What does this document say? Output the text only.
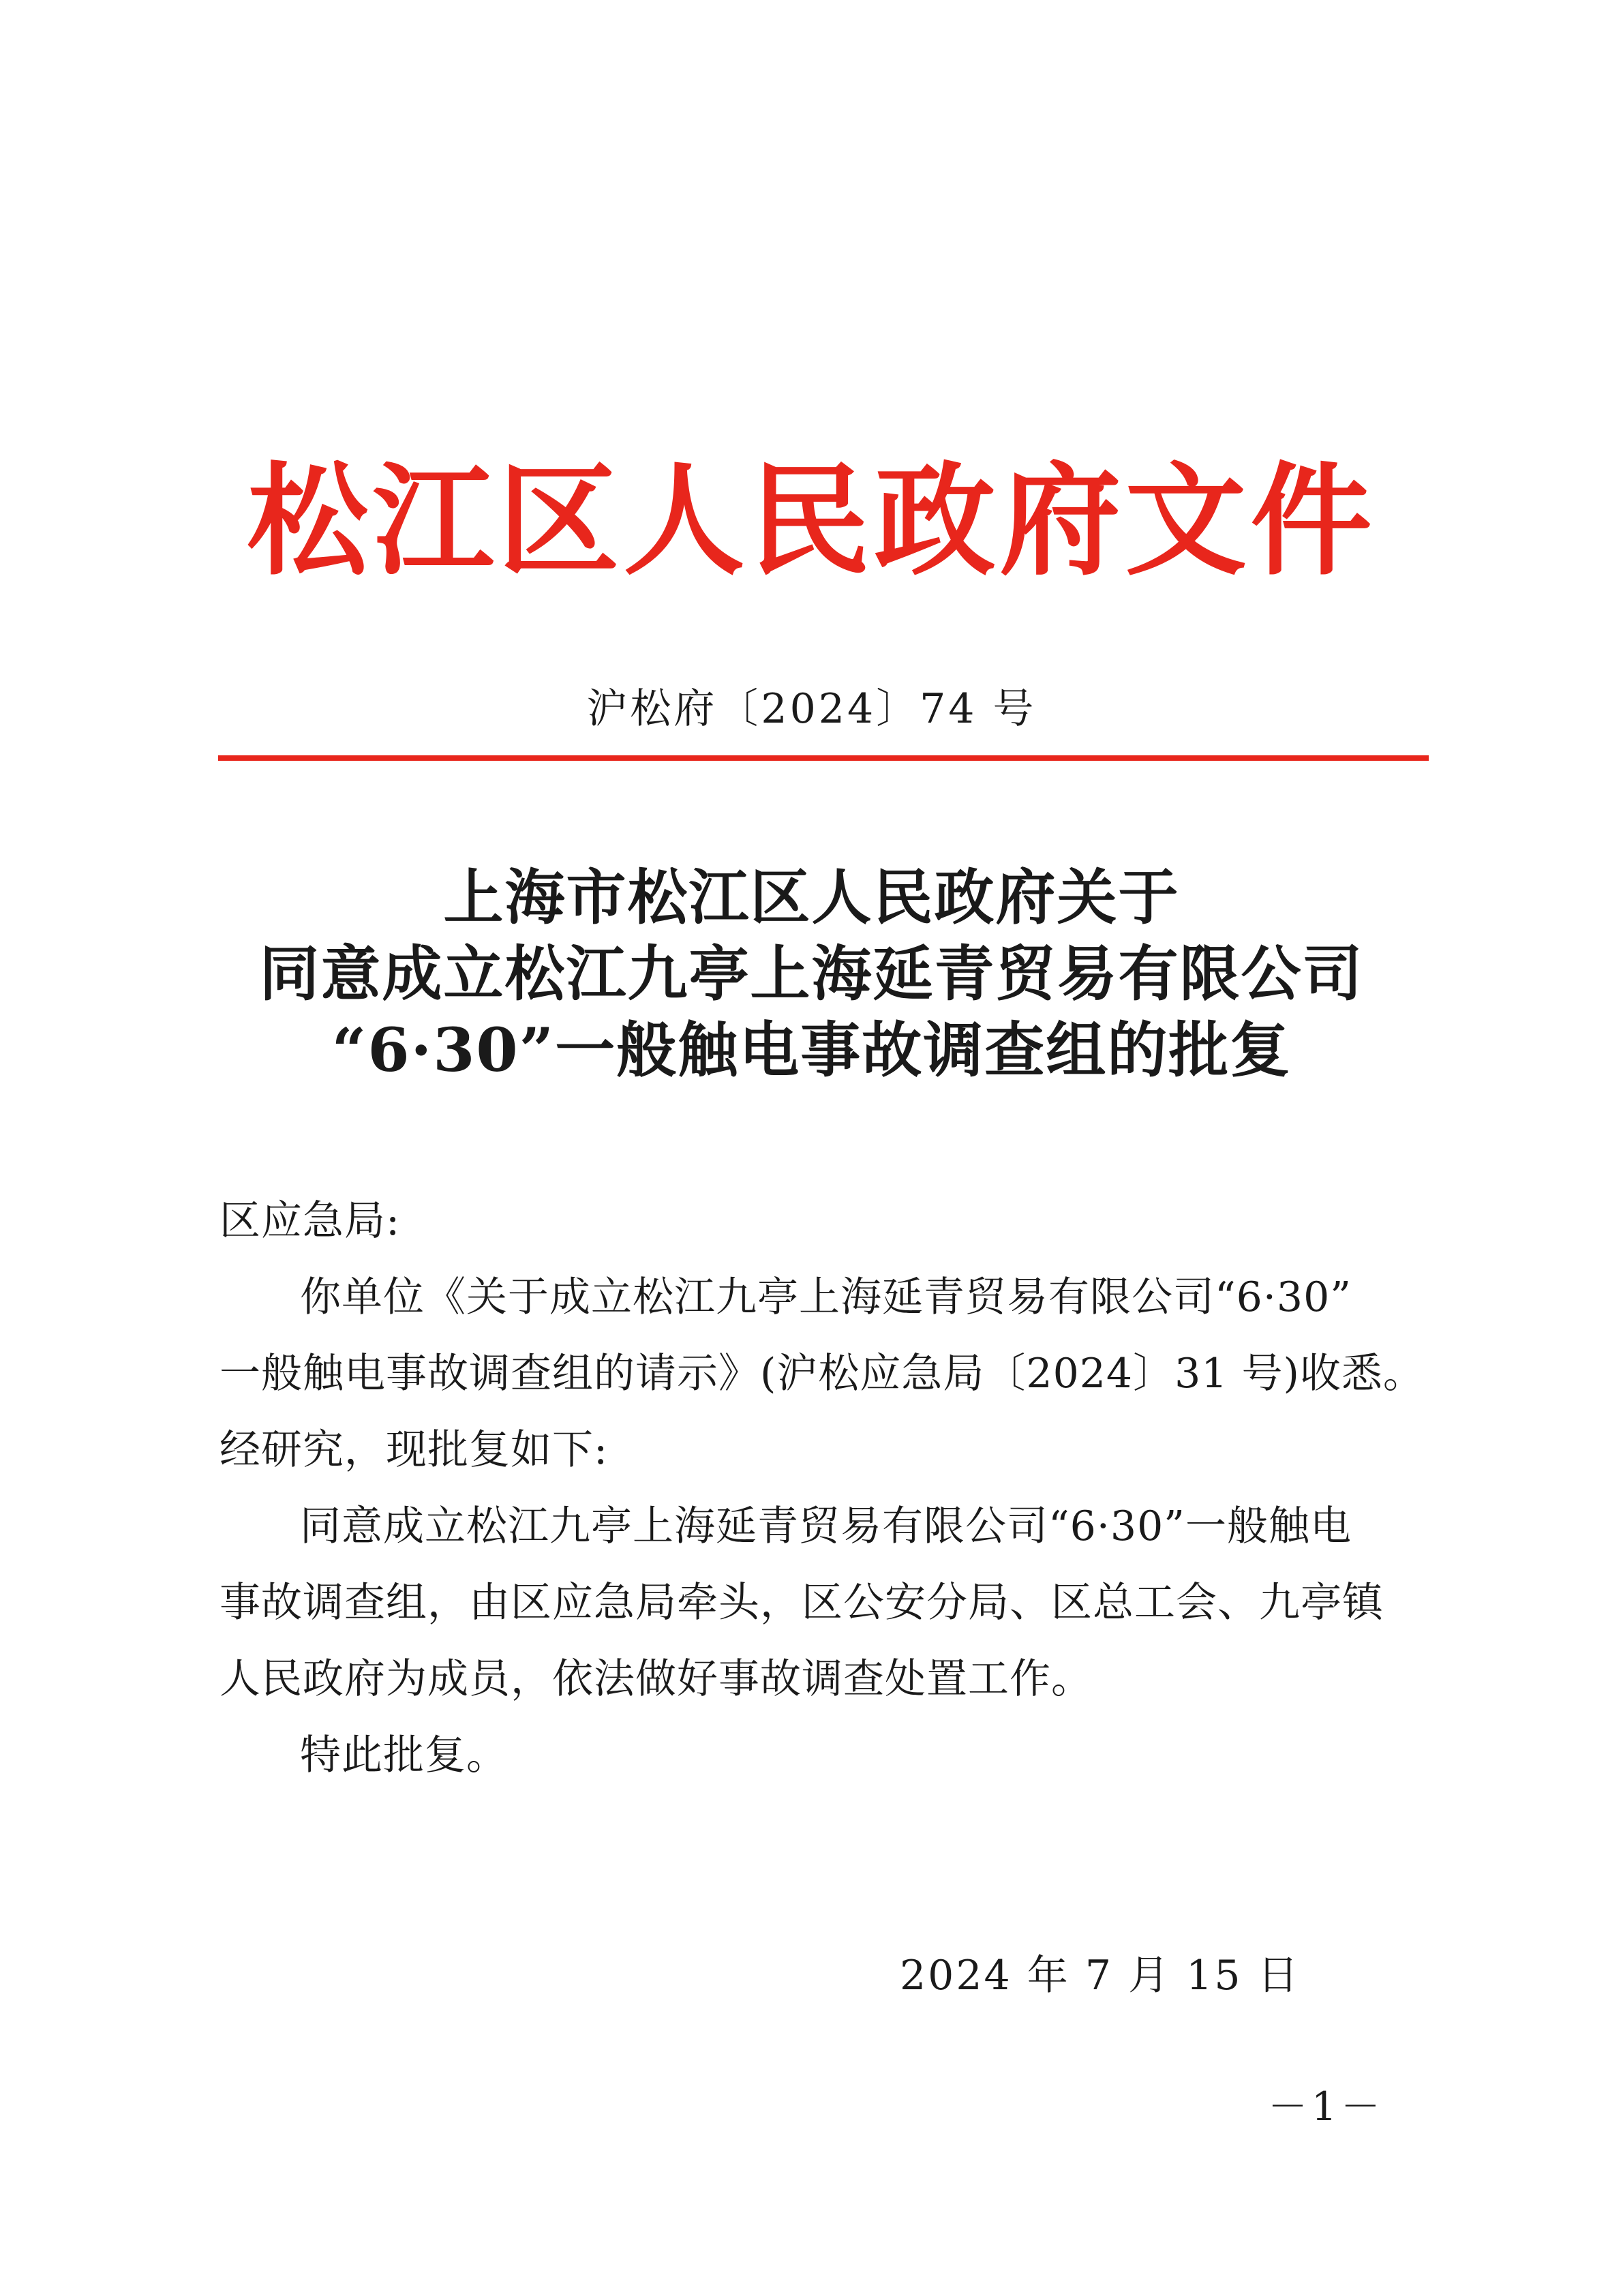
松江区人民政府文件
沪松府〔2024〕74 号
上海市松江区人民政府关于
同意成立松江九亭上海延青贸易有限公司
“6·30”一般触电事故调查组的批复

区应急局:

你单位《关于成立松江九亭上海延青贸易有限公司“6·30”

一般触电事故调查组的请示》(沪松应急局〔2024〕31 号)收悉。

经研究，现批复如下:

同意成立松江九亭上海延青贸易有限公司“6·30”一般触电

事故调查组，由区应急局牵头，区公安分局、区总工会、九亭镇

人民政府为成员，依法做好事故调查处置工作。

特此批复。

2024 年 7 月 15 日
－1－
